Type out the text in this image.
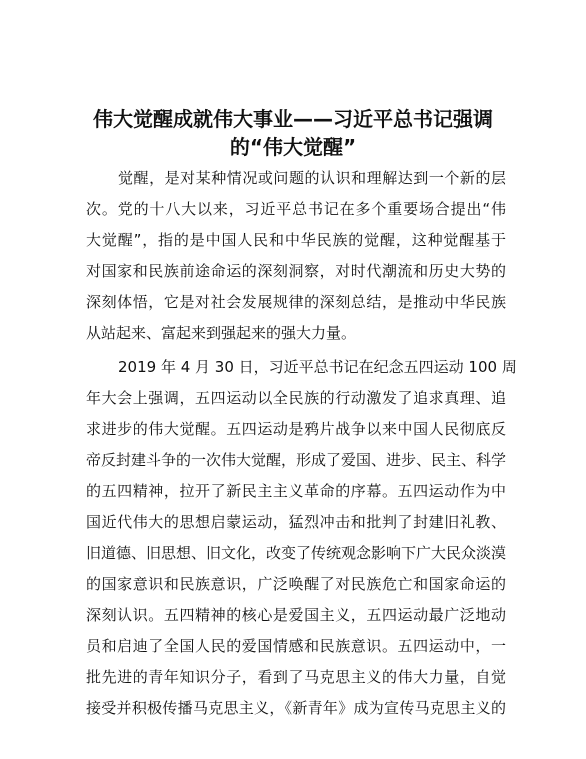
伟大觉醒成就伟大事业——习近平总书记强调
的“伟大觉醒”
觉醒，是对某种情况或问题的认识和理解达到一个新的层
次。党的十八大以来，习近平总书记在多个重要场合提出“伟
大觉醒”，指的是中国人民和中华民族的觉醒，这种觉醒基于
对国家和民族前途命运的深刻洞察，对时代潮流和历史大势的
深刻体悟，它是对社会发展规律的深刻总结，是推动中华民族
从站起来、富起来到强起来的强大力量。
2019 年 4 月 30 日，习近平总书记在纪念五四运动 100 周
年大会上强调，五四运动以全民族的行动激发了追求真理、追
求进步的伟大觉醒。五四运动是鸦片战争以来中国人民彻底反
帝反封建斗争的一次伟大觉醒，形成了爱国、进步、民主、科学
的五四精神，拉开了新民主主义革命的序幕。五四运动作为中
国近代伟大的思想启蒙运动，猛烈冲击和批判了封建旧礼教、
旧道德、旧思想、旧文化，改变了传统观念影响下广大民众淡漠
的国家意识和民族意识，广泛唤醒了对民族危亡和国家命运的
深刻认识。五四精神的核心是爱国主义，五四运动最广泛地动
员和启迪了全国人民的爱国情感和民族意识。五四运动中，一
批先进的青年知识分子，看到了马克思主义的伟大力量，自觉
接受并积极传播马克思主义，《新青年》成为宣传马克思主义的
